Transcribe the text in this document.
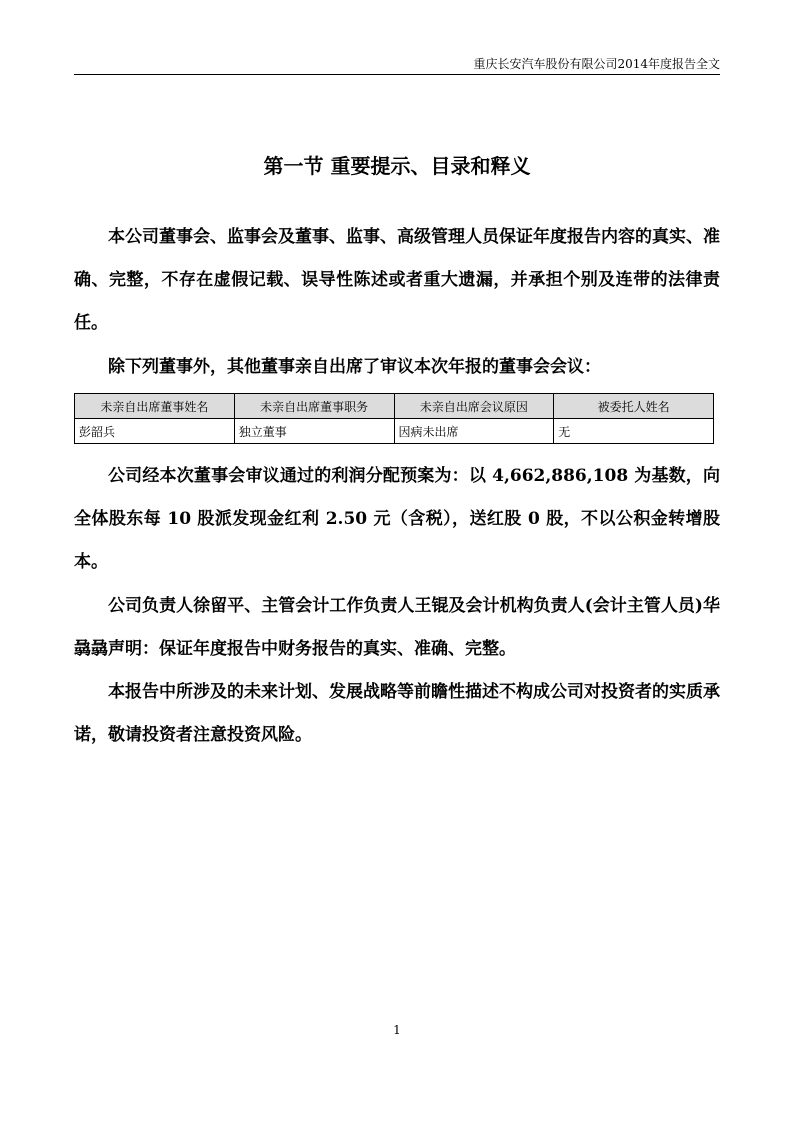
重庆长安汽车股份有限公司2014年度报告全文
第一节 重要提示、目录和释义

本公司董事会、监事会及董事、监事、高级管理人员保证年度报告内容的真实、准确、完整，不存在虚假记载、误导性陈述或者重大遗漏，并承担个别及连带的法律责任。

除下列董事外，其他董事亲自出席了审议本次年报的董事会会议：

未亲自出席董事姓名	未亲自出席董事职务	未亲自出席会议原因	被委托人姓名
彭韶兵	独立董事	因病未出席	无

公司经本次董事会审议通过的利润分配预案为：以 4,662,886,108 为基数，向全体股东每 10 股派发现金红利 2.50 元（含税），送红股 0 股，不以公积金转增股本。

公司负责人徐留平、主管会计工作负责人王锟及会计机构负责人(会计主管人员)华骉骉声明：保证年度报告中财务报告的真实、准确、完整。

本报告中所涉及的未来计划、发展战略等前瞻性描述不构成公司对投资者的实质承诺，敬请投资者注意投资风险。

1
